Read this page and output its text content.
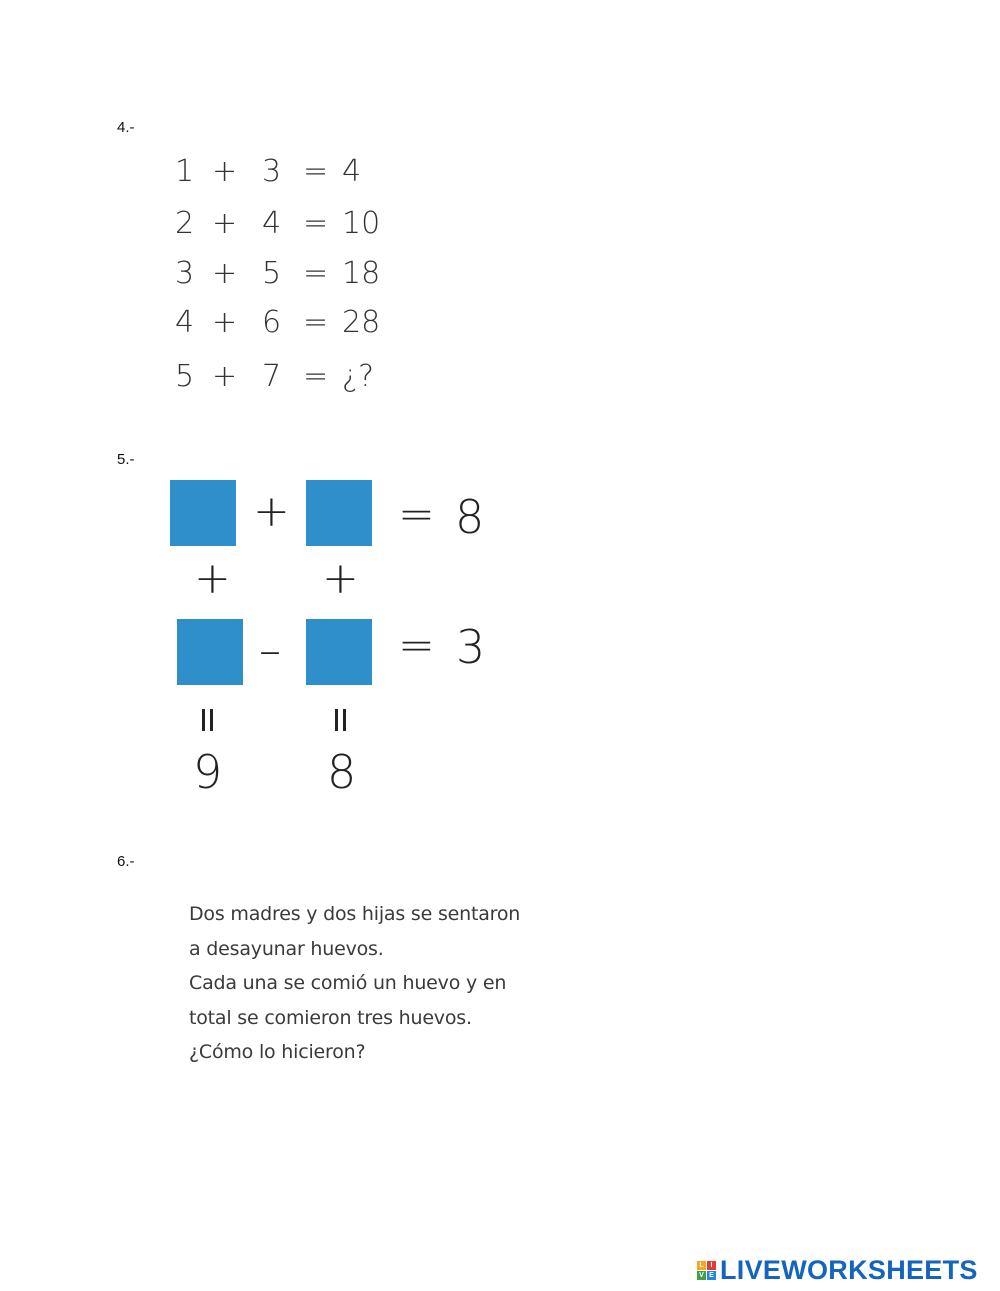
4.-
1 + 3 = 4
2 + 4 = 10
3 + 5 = 18
4 + 6 = 28
5 + 7 = ¿?
5.-
+ = 8
+ +
–	= 3
9 8
6.-
Dos madres y dos hijas se sentaron
a desayunar huevos.
Cada una se comió un huevo y en
total se comieron tres huevos.
¿Cómo lo hicieron?
L I
V E LIVEWORKSHEETS
